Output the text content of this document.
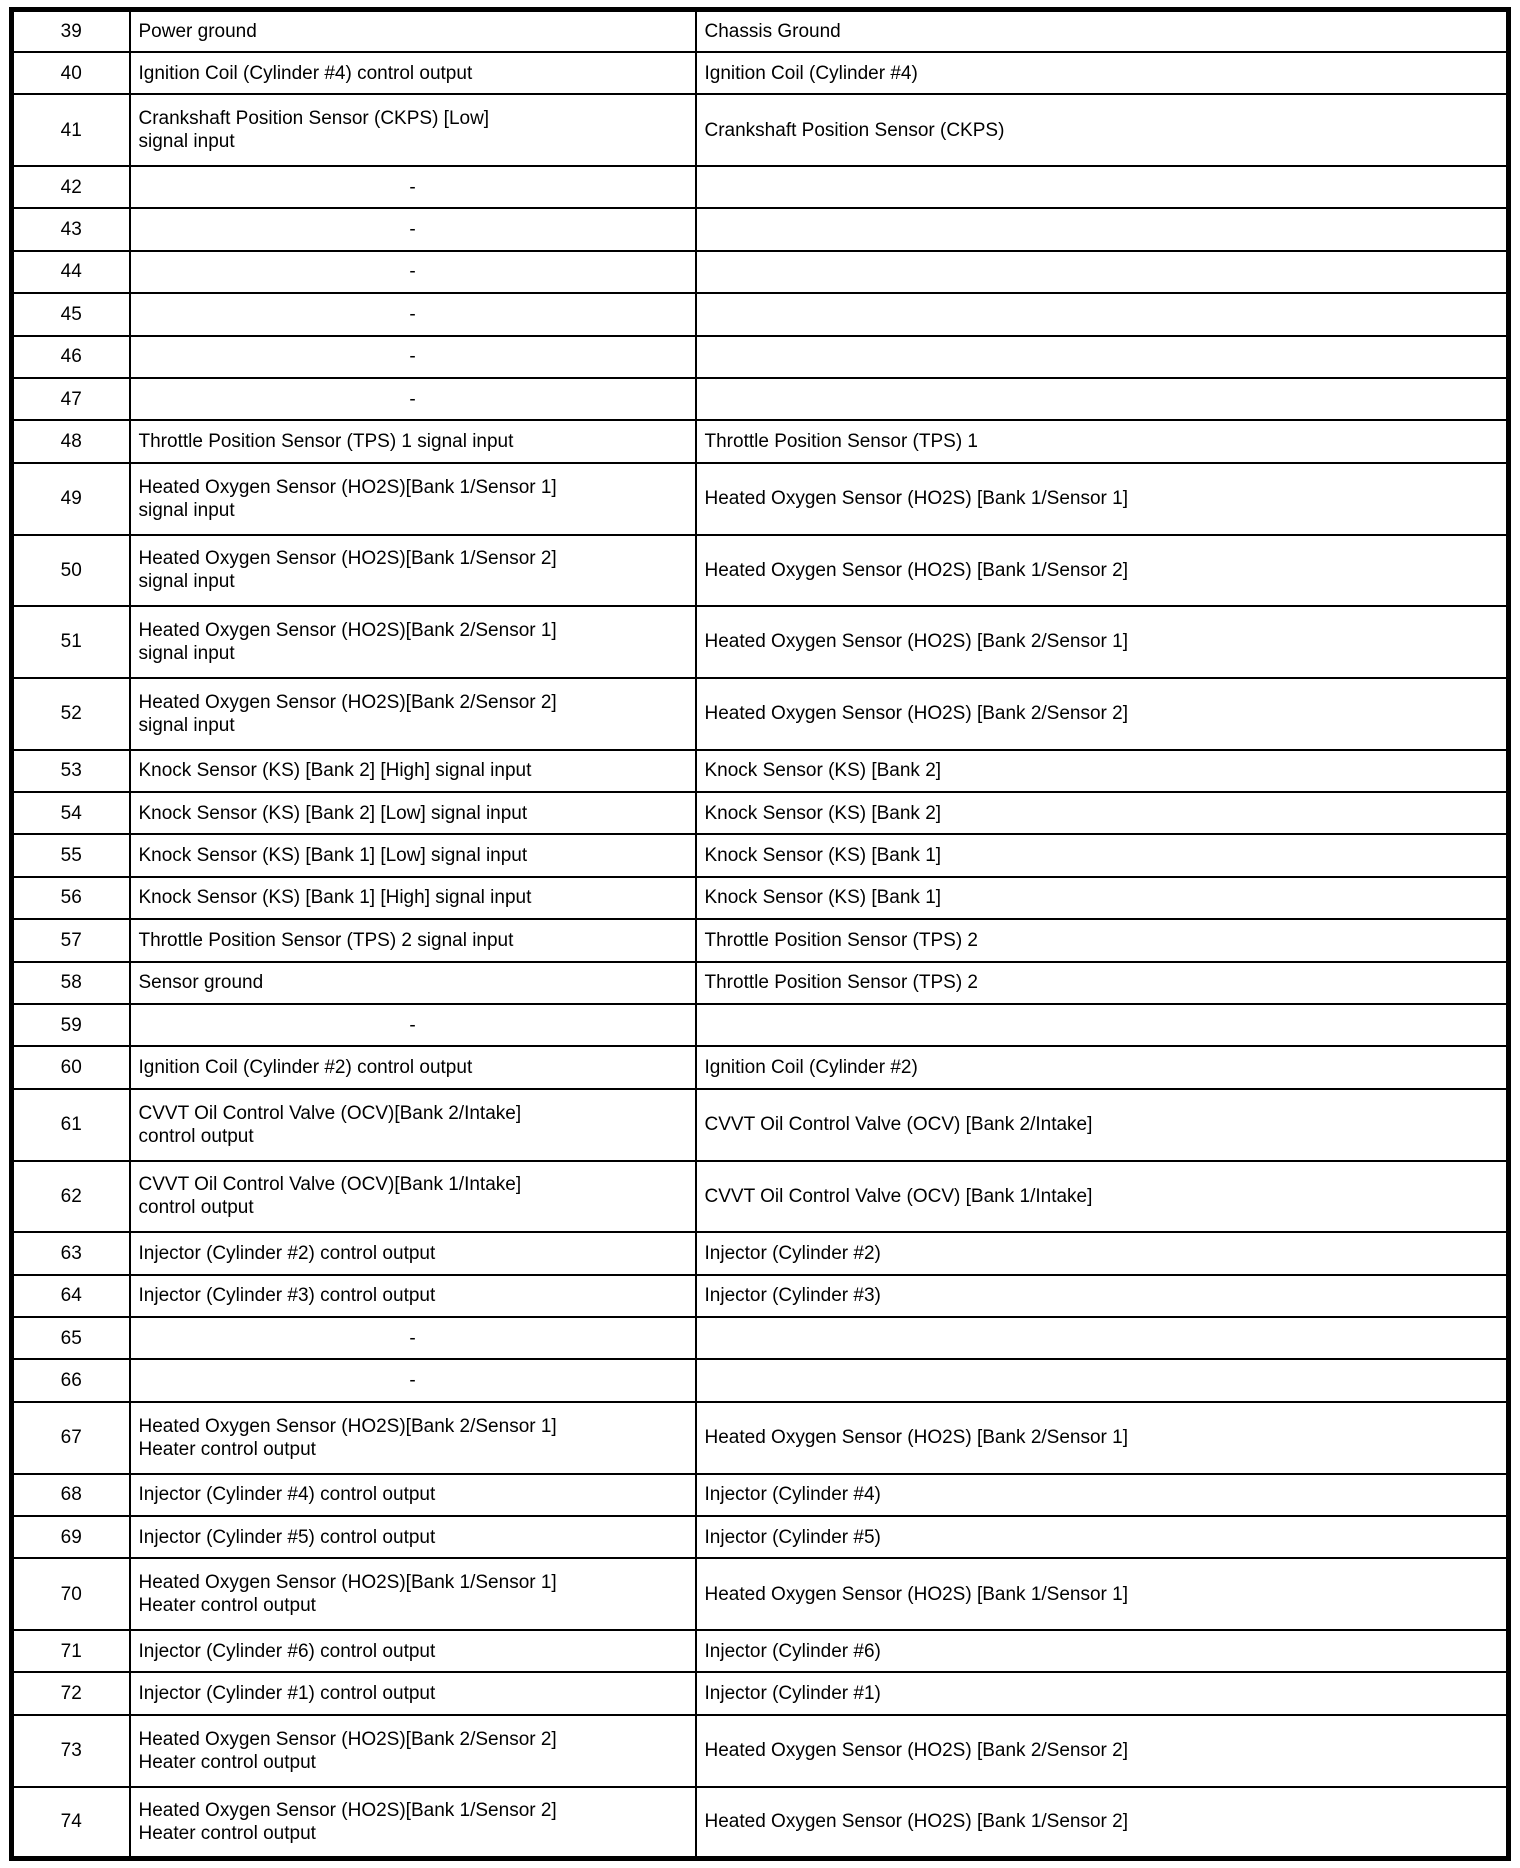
39	Power ground	Chassis Ground
40	Ignition Coil (Cylinder #4) control output	Ignition Coil (Cylinder #4)
41	Crankshaft Position Sensor (CKPS) [Low]
signal input	Crankshaft Position Sensor (CKPS)
42	-	

43	-	

44	-	

45	-	

46	-	

47	-	

48	Throttle Position Sensor (TPS) 1 signal input	Throttle Position Sensor (TPS) 1
49	Heated Oxygen Sensor (HO2S)[Bank 1/Sensor 1]
signal input	Heated Oxygen Sensor (HO2S) [Bank 1/Sensor 1]
50	Heated Oxygen Sensor (HO2S)[Bank 1/Sensor 2]
signal input	Heated Oxygen Sensor (HO2S) [Bank 1/Sensor 2]
51	Heated Oxygen Sensor (HO2S)[Bank 2/Sensor 1]
signal input	Heated Oxygen Sensor (HO2S) [Bank 2/Sensor 1]
52	Heated Oxygen Sensor (HO2S)[Bank 2/Sensor 2]
signal input	Heated Oxygen Sensor (HO2S) [Bank 2/Sensor 2]
53	Knock Sensor (KS) [Bank 2] [High] signal input	Knock Sensor (KS) [Bank 2]
54	Knock Sensor (KS) [Bank 2] [Low] signal input	Knock Sensor (KS) [Bank 2]
55	Knock Sensor (KS) [Bank 1] [Low] signal input	Knock Sensor (KS) [Bank 1]
56	Knock Sensor (KS) [Bank 1] [High] signal input	Knock Sensor (KS) [Bank 1]
57	Throttle Position Sensor (TPS) 2 signal input	Throttle Position Sensor (TPS) 2
58	Sensor ground	Throttle Position Sensor (TPS) 2
59	-	

60	Ignition Coil (Cylinder #2) control output	Ignition Coil (Cylinder #2)
61	CVVT Oil Control Valve (OCV)[Bank 2/Intake]
control output	CVVT Oil Control Valve (OCV) [Bank 2/Intake]
62	CVVT Oil Control Valve (OCV)[Bank 1/Intake]
control output	CVVT Oil Control Valve (OCV) [Bank 1/Intake]
63	Injector (Cylinder #2) control output	Injector (Cylinder #2)
64	Injector (Cylinder #3) control output	Injector (Cylinder #3)
65	-	

66	-	

67	Heated Oxygen Sensor (HO2S)[Bank 2/Sensor 1]
Heater control output	Heated Oxygen Sensor (HO2S) [Bank 2/Sensor 1]
68	Injector (Cylinder #4) control output	Injector (Cylinder #4)
69	Injector (Cylinder #5) control output	Injector (Cylinder #5)
70	Heated Oxygen Sensor (HO2S)[Bank 1/Sensor 1]
Heater control output	Heated Oxygen Sensor (HO2S) [Bank 1/Sensor 1]
71	Injector (Cylinder #6) control output	Injector (Cylinder #6)
72	Injector (Cylinder #1) control output	Injector (Cylinder #1)
73	Heated Oxygen Sensor (HO2S)[Bank 2/Sensor 2]
Heater control output	Heated Oxygen Sensor (HO2S) [Bank 2/Sensor 2]
74	Heated Oxygen Sensor (HO2S)[Bank 1/Sensor 2]
Heater control output	Heated Oxygen Sensor (HO2S) [Bank 1/Sensor 2]
